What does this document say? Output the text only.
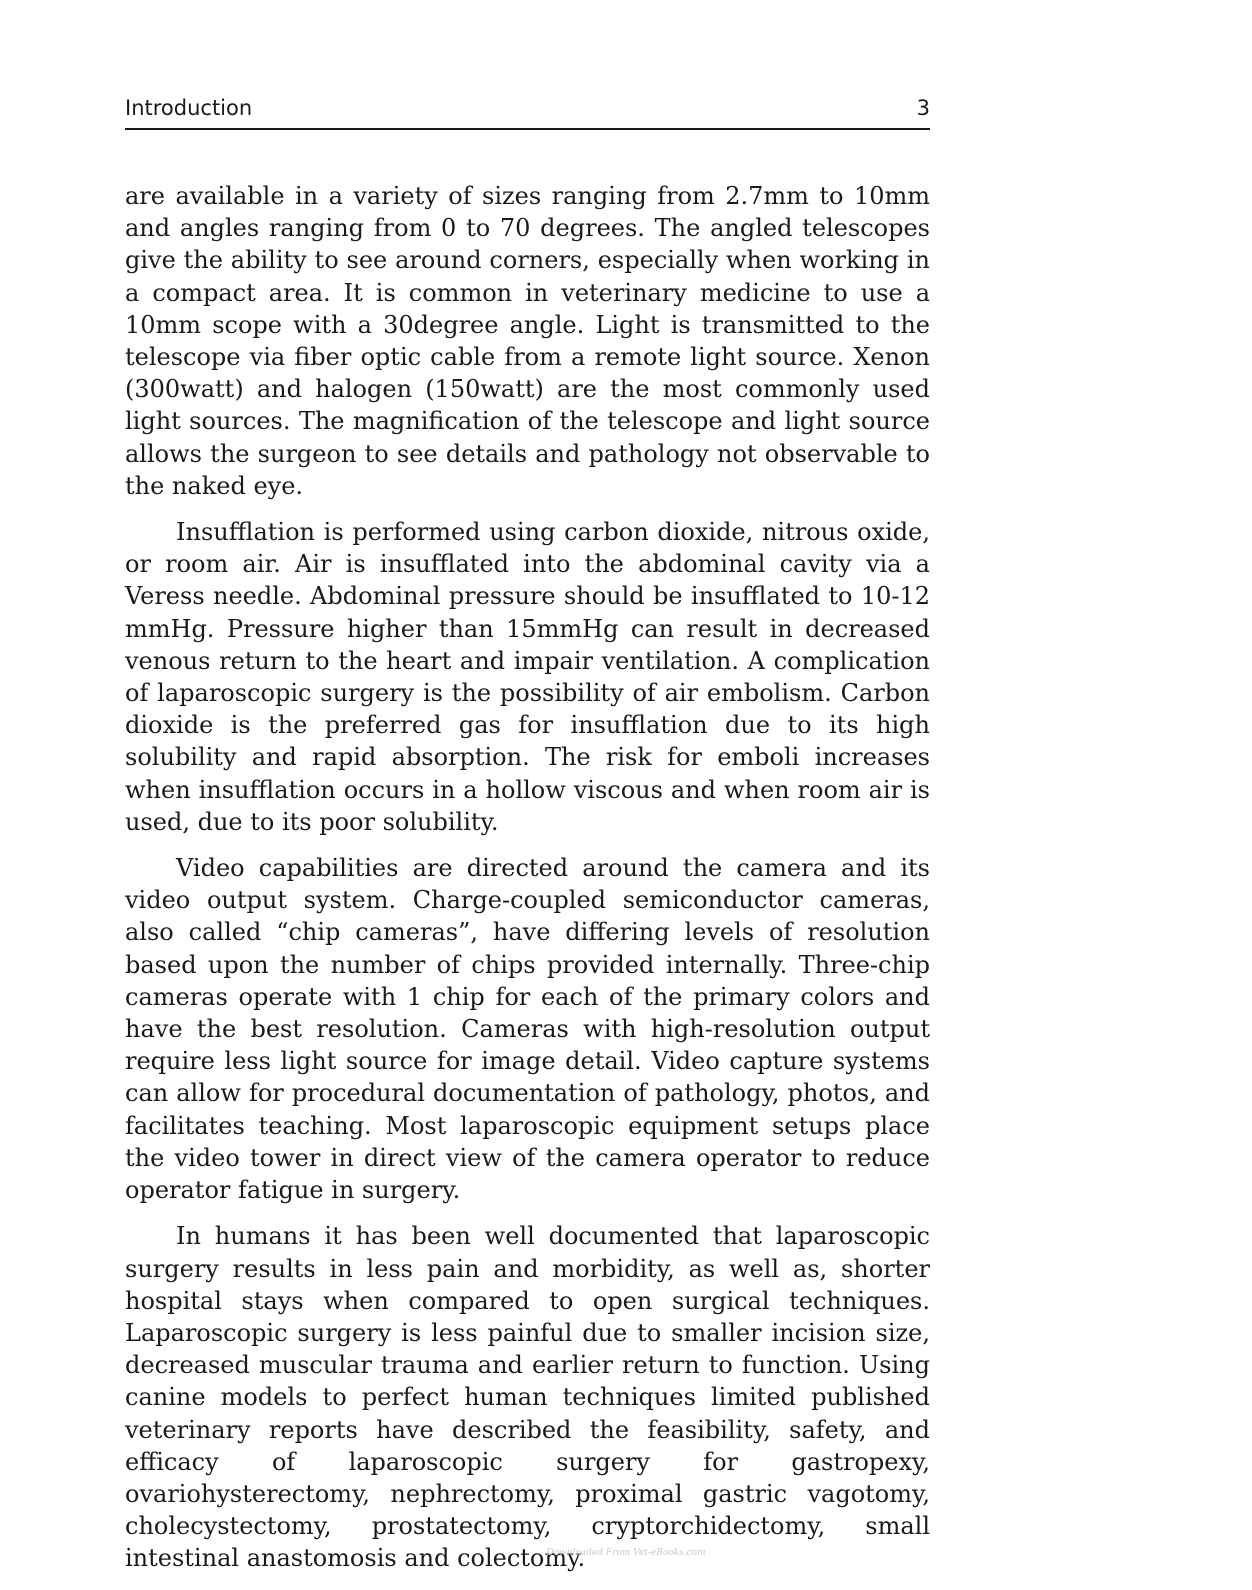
Introduction	3

are available in a variety of sizes ranging from 2.7mm to 10mm and angles ranging from 0 to 70 degrees. The angled telescopes give the ability to see around corners, especially when working in a compact area. It is common in veterinary medicine to use a 10mm scope with a 30degree angle. Light is transmitted to the telescope via fiber optic cable from a remote light source. Xenon (300watt) and halogen (150watt) are the most commonly used light sources. The magnification of the telescope and light source allows the surgeon to see details and pathology not observable to the naked eye.

Insufflation is performed using carbon dioxide, nitrous oxide, or room air. Air is insufflated into the abdominal cavity via a Veress needle. Abdominal pressure should be insufflated to 10-12 mmHg. Pressure higher than 15mmHg can result in decreased venous return to the heart and impair ventilation. A complication of laparoscopic surgery is the possibility of air embolism. Carbon dioxide is the preferred gas for insufflation due to its high solubility and rapid absorption. The risk for emboli increases when insufflation occurs in a hollow viscous and when room air is used, due to its poor solubility.

Video capabilities are directed around the camera and its video output system. Charge-coupled semiconductor cameras, also called “chip cameras”, have differing levels of resolution based upon the number of chips provided internally. Three-chip cameras operate with 1 chip for each of the primary colors and have the best resolution. Cameras with high-resolution output require less light source for image detail. Video capture systems can allow for procedural documentation of pathology, photos, and facilitates teaching. Most laparoscopic equipment setups place the video tower in direct view of the camera operator to reduce operator fatigue in surgery.

In humans it has been well documented that laparoscopic surgery results in less pain and morbidity, as well as, shorter hospital stays when compared to open surgical techniques. Laparoscopic surgery is less painful due to smaller incision size, decreased muscular trauma and earlier return to function. Using canine models to perfect human techniques limited published veterinary reports have described the feasibility, safety, and efficacy of laparoscopic surgery for gastropexy, ovariohysterectomy, nephrectomy, proximal gastric vagotomy, cholecystectomy, prostatectomy, cryptorchidectomy, small intestinal anastomosis and colectomy.

Downloaded From Vet-eBooks.com
